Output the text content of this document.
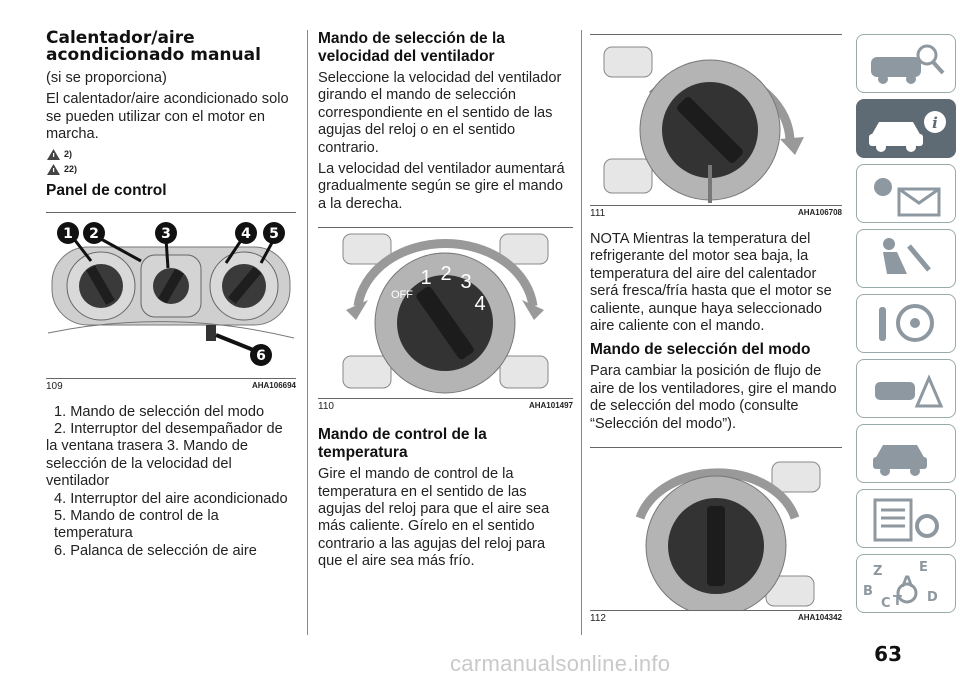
Calentador/aire
acondicionado manual
(si se proporciona)
El calentador/aire acondicionado solo se pueden utilizar con el motor en marcha.
2)
22)
Panel de control
1 2	3	4 5
6
109	AHA106694
1. Mando de selección del modo
2. Interruptor del desempañador de la ventana trasera 3. Mando de selección de la velocidad del ventilador
4. Interruptor del aire acondicionado
5. Mando de control de la temperatura
6. Palanca de selección de aire
Mando de selección de la velocidad del ventilador
Seleccione la velocidad del ventilador girando el mando de selección correspondiente en el sentido de las agujas del reloj o en el sentido contrario.
La velocidad del ventilador aumentará gradualmente según se gire el mando a la derecha.
OFF
1 2 3
4
110	AHA101497
Mando de control de la temperatura
Gire el mando de control de la temperatura en el sentido de las agujas del reloj para que el aire sea más caliente. Gírelo en el sentido contrario a las agujas del reloj para que el aire sea más frío.
111	AHA106708
NOTA Mientras la temperatura del refrigerante del motor sea baja, la temperatura del aire del calentador será fresca/fría hasta que el motor se caliente, aunque haya seleccionado aire caliente con el mando.
Mando de selección del modo
Para cambiar la posición de flujo de aire de los ventiladores, gire el mando de selección del modo (consulte “Selección del modo”).
112	AHA104342
i
Z	E
A
B
C	D
T
63
carmanualsonline.info
